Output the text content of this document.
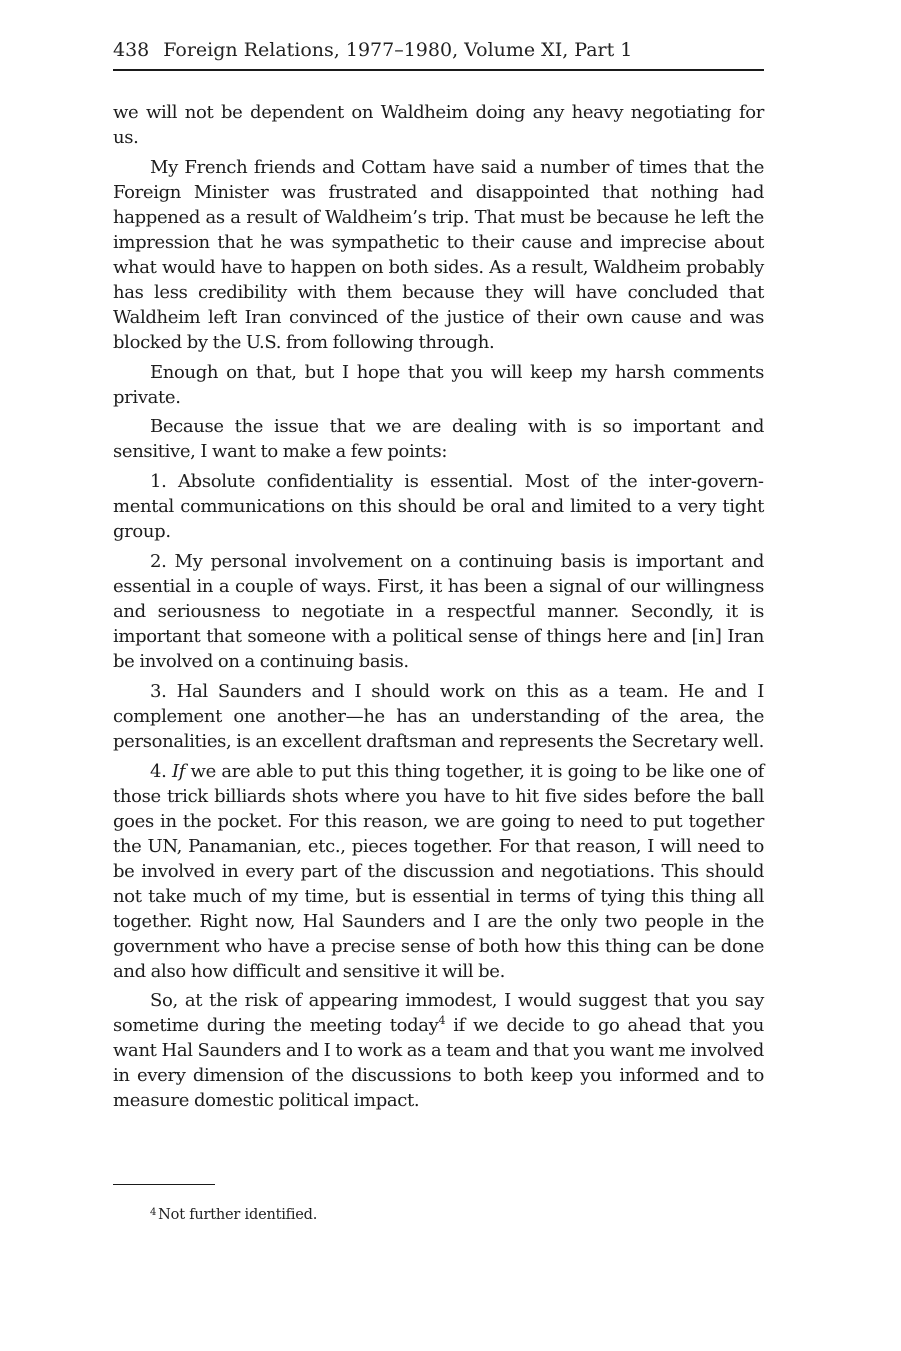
438 Foreign Relations, 1977–1980, Volume XI, Part 1

we will not be dependent on Waldheim doing any heavy negotiating for us.

My French friends and Cottam have said a number of times that the Foreign Minister was frustrated and disappointed that nothing had happened as a result of Waldheim’s trip. That must be because he left the impression that he was sympathetic to their cause and imprecise about what would have to happen on both sides. As a result, Waldheim probably has less credibility with them because they will have concluded that Waldheim left Iran convinced of the justice of their own cause and was blocked by the U.S. from following through.

Enough on that, but I hope that you will keep my harsh comments private.

Because the issue that we are dealing with is so important and sensitive, I want to make a few points:

1. Absolute confidentiality is essential. Most of the inter-governmental communications on this should be oral and limited to a very tight group.

2. My personal involvement on a continuing basis is important and essential in a couple of ways. First, it has been a signal of our willingness and seriousness to negotiate in a respectful manner. Secondly, it is important that someone with a political sense of things here and [in] Iran be involved on a continuing basis.

3. Hal Saunders and I should work on this as a team. He and I complement one another—he has an understanding of the area, the personalities, is an excellent draftsman and represents the Secretary well.

4. If we are able to put this thing together, it is going to be like one of those trick billiards shots where you have to hit five sides before the ball goes in the pocket. For this reason, we are going to need to put together the UN, Panamanian, etc., pieces together. For that reason, I will need to be involved in every part of the discussion and negotiations. This should not take much of my time, but is essential in terms of tying this thing all together. Right now, Hal Saunders and I are the only two people in the government who have a precise sense of both how this thing can be done and also how difficult and sensitive it will be.

So, at the risk of appearing immodest, I would suggest that you say sometime during the meeting today$^4$ if we decide to go ahead that you want Hal Saunders and I to work as a team and that you want me involved in every dimension of the discussions to both keep you informed and to measure domestic political impact.

$^4$ Not further identified.
